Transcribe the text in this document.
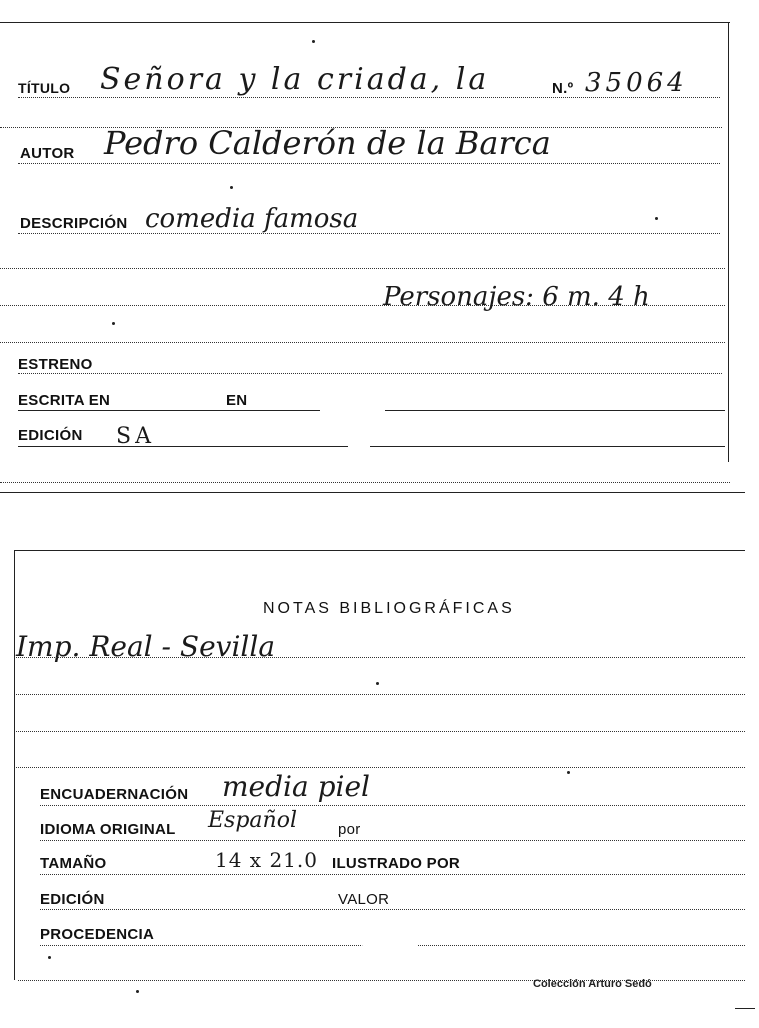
TÍTULO Señora y la criada, la	N.º 35064
AUTOR Pedro Calderón de la Barca
DESCRIPCIÓN comedia famosa
Personajes: 6 m. 4 h
ESTRENO
ESCRITA EN	EN
EDICIÓN SA
NOTAS BIBLIOGRÁFICAS
Imp. Real - Sevilla
ENCUADERNACIÓN media piel
IDIOMA ORIGINAL Español	por
TAMAÑO	14 x 21.0 ILUSTRADO POR
EDICIÓN	VALOR
PROCEDENCIA
Colección Arturo Sedó
